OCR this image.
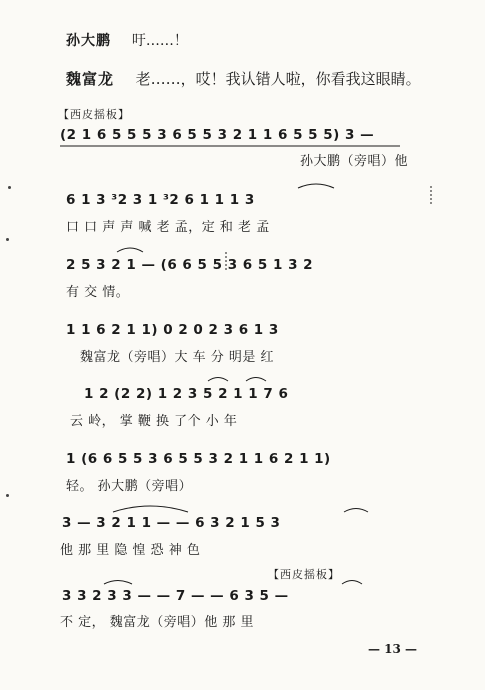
孙大鹏 吁……！
魏富龙 老……，哎！我认错人啦，你看我这眼睛。
【西皮摇板】
(2 1 6 5 5 5 3 6 5 5 3 2 1 1 6 5 5 5) 3 —
孙大鹏（旁唱）他
6 1 3 ³2 3 1 ³2 6 1 1 1 3
口 口 声 声 喊 老 孟，定 和 老 孟
2 5 3 2 1 — (6 6 5 5 3 6 5 1 3 2
有 交 情。
1 1 6 2 1 1) 0 2 0 2 3 6 1 3
魏富龙（旁唱）大 车 分 明是 红
1 2 (2 2) 1 2 3 5 2 1 1 7 6
云 岭， 掌 鞭 换 了个 小 年
1 (6 6 5 5 3 6 5 5 3 2 1 1 6 2 1 1)
轻。 孙大鹏（旁唱）
3 — 3 2 1 1 — — 6 3 2 1 5 3
他 那 里 隐 惶 恐 神 色
【西皮摇板】
3 3 2 3 3 — — 7 — — 6 3 5 —
不 定， 魏富龙（旁唱）他 那 里
— 13 —
